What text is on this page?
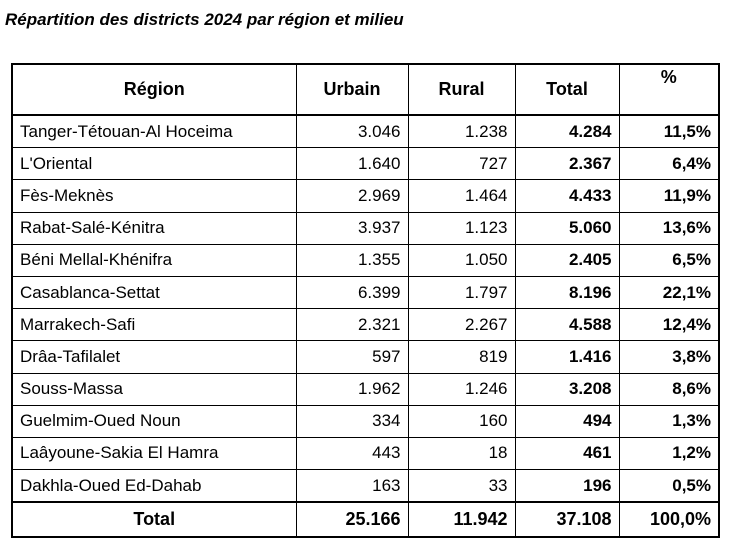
Répartition des districts 2024 par région et milieu
Région	Urbain	Rural	Total	%
Tanger-Tétouan-Al Hoceima	3.046	1.238	4.284	11,5%
L'Oriental	1.640	727	2.367	6,4%
Fès-Meknès	2.969	1.464	4.433	11,9%
Rabat-Salé-Kénitra	3.937	1.123	5.060	13,6%
Béni Mellal-Khénifra	1.355	1.050	2.405	6,5%
Casablanca-Settat	6.399	1.797	8.196	22,1%
Marrakech-Safi	2.321	2.267	4.588	12,4%
Drâa-Tafilalet	597	819	1.416	3,8%
Souss-Massa	1.962	1.246	3.208	8,6%
Guelmim-Oued Noun	334	160	494	1,3%
Laâyoune-Sakia El Hamra	443	18	461	1,2%
Dakhla-Oued Ed-Dahab	163	33	196	0,5%
Total	25.166	11.942	37.108	100,0%
